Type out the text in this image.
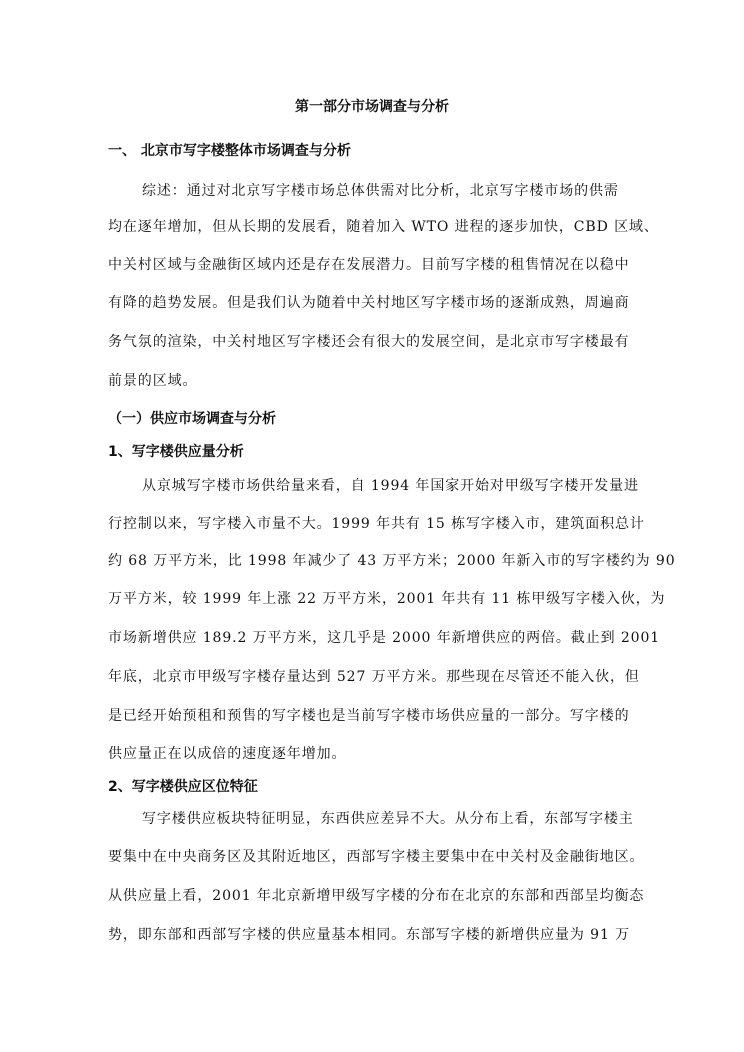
第一部分市场调查与分析
一、 北京市写字楼整体市场调查与分析
综述：通过对北京写字楼市场总体供需对比分析，北京写字楼市场的供需
均在逐年增加，但从长期的发展看，随着加入 WTO 进程的逐步加快，CBD 区域、
中关村区域与金融街区域内还是存在发展潜力。目前写字楼的租售情况在以稳中
有降的趋势发展。但是我们认为随着中关村地区写字楼市场的逐渐成熟，周遍商
务气氛的渲染，中关村地区写字楼还会有很大的发展空间，是北京市写字楼最有
前景的区域。
（一）供应市场调查与分析
1、写字楼供应量分析
从京城写字楼市场供给量来看，自 1994 年国家开始对甲级写字楼开发量进
行控制以来，写字楼入市量不大。1999 年共有 15 栋写字楼入市，建筑面积总计
约 68 万平方米，比 1998 年减少了 43 万平方米；2000 年新入市的写字楼约为 90
万平方米，较 1999 年上涨 22 万平方米，2001 年共有 11 栋甲级写字楼入伙，为
市场新增供应 189.2 万平方米，这几乎是 2000 年新增供应的两倍。截止到 2001
年底，北京市甲级写字楼存量达到 527 万平方米。那些现在尽管还不能入伙，但
是已经开始预租和预售的写字楼也是当前写字楼市场供应量的一部分。写字楼的
供应量正在以成倍的速度逐年增加。
2、写字楼供应区位特征
写字楼供应板块特征明显，东西供应差异不大。从分布上看，东部写字楼主
要集中在中央商务区及其附近地区，西部写字楼主要集中在中关村及金融街地区。
从供应量上看，2001 年北京新增甲级写字楼的分布在北京的东部和西部呈均衡态
势，即东部和西部写字楼的供应量基本相同。东部写字楼的新增供应量为 91 万
